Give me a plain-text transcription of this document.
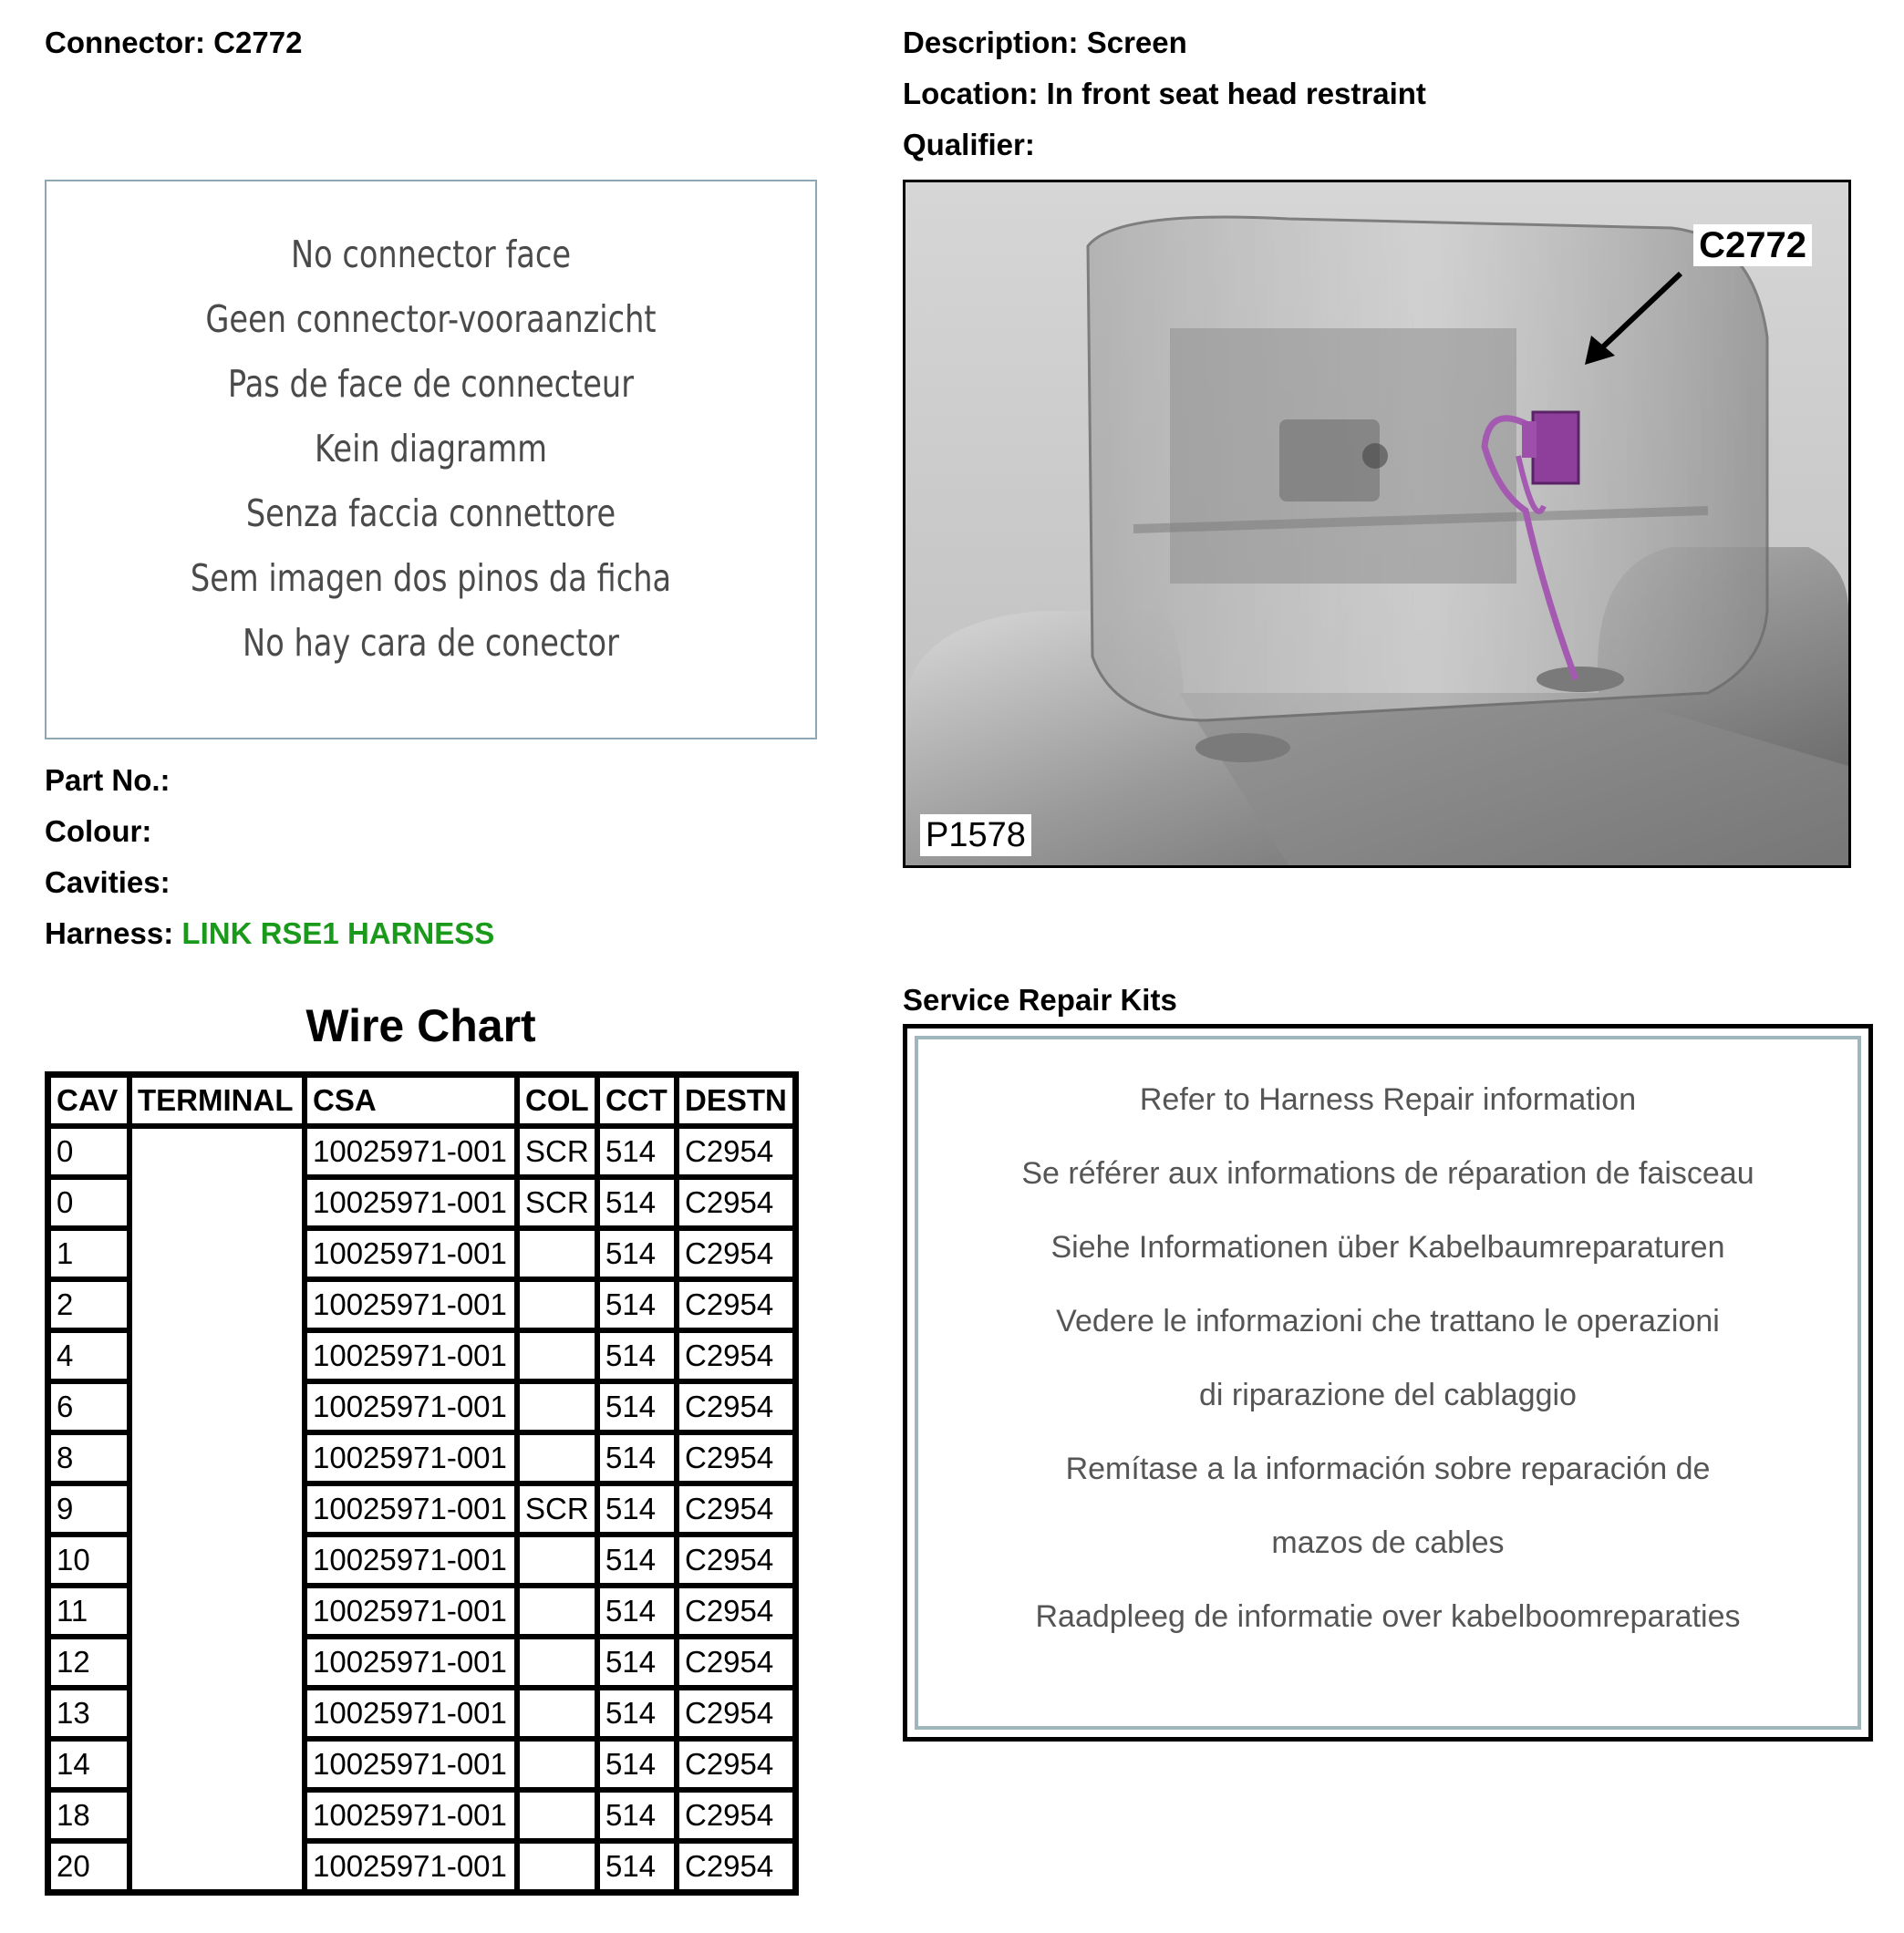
Connector: C2772	Description: Screen
Location: In front seat head restraint
Qualifier:
No connector face
Geen connector-vooraanzicht
Pas de face de connecteur
Kein diagramm
Senza faccia connettore
Sem imagen dos pinos da ficha
No hay cara de conector
C2772
P1578
Part No.:
Colour:
Cavities:
Harness: LINK RSE1 HARNESS
Wire Chart
CAV	TERMINAL	CSA	COL	CCT	DESTN
0		10025971-001	SCR	514	C2954
0		10025971-001	SCR	514	C2954
1		10025971-001		514	C2954
2		10025971-001		514	C2954
4		10025971-001		514	C2954
6		10025971-001		514	C2954
8		10025971-001		514	C2954
9		10025971-001	SCR	514	C2954
10		10025971-001		514	C2954
11		10025971-001		514	C2954
12		10025971-001		514	C2954
13		10025971-001		514	C2954
14		10025971-001		514	C2954
18		10025971-001		514	C2954
20		10025971-001		514	C2954
Service Repair Kits
Refer to Harness Repair information
Se référer aux informations de réparation de faisceau
Siehe Informationen über Kabelbaumreparaturen
Vedere le informazioni che trattano le operazioni
di riparazione del cablaggio
Remítase a la información sobre reparación de
mazos de cables
Raadpleeg de informatie over kabelboomreparaties
